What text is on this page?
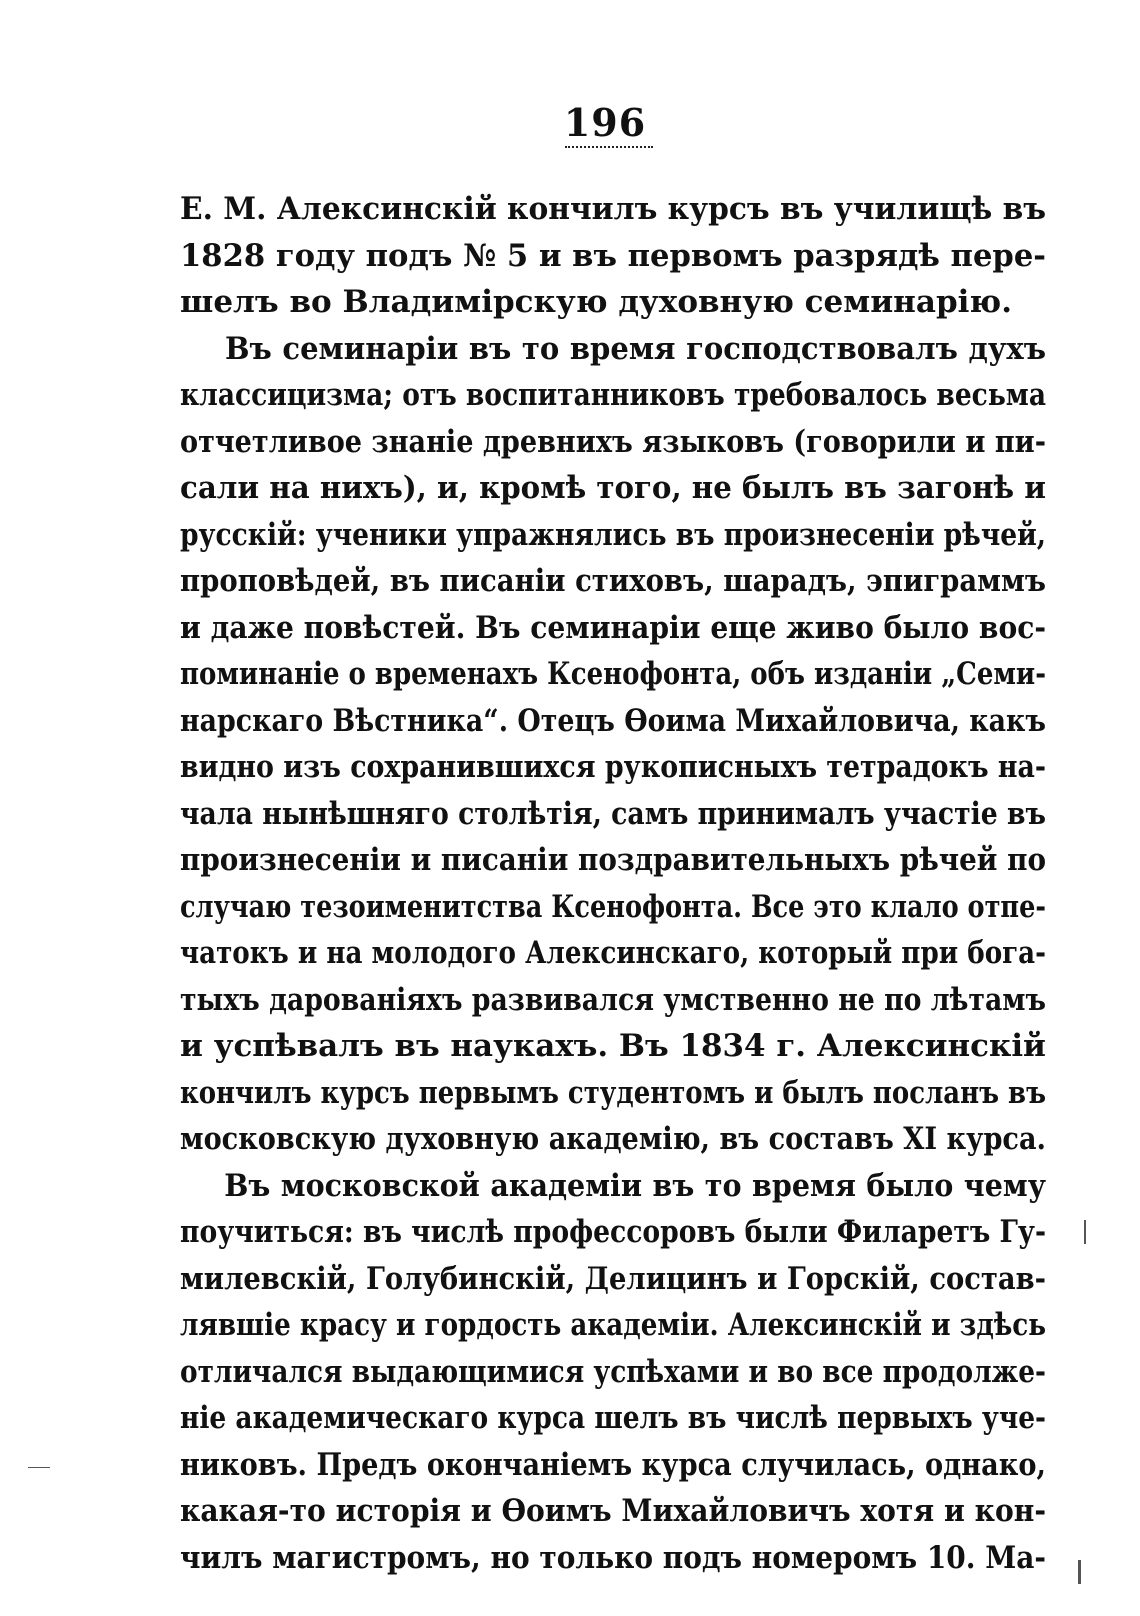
196
Е. М. Алексинскій кончилъ курсъ въ училищѣ въ
1828 году подъ № 5 и въ первомъ разрядѣ пере-
шелъ во Владимірскую духовную семинарію.
Въ семинаріи въ то время господствовалъ духъ
классицизма; отъ воспитанниковъ требовалось весьма
отчетливое знаніе древнихъ языковъ (говорили и пи-
сали на нихъ), и, кромѣ того, не былъ въ загонѣ и
русскій: ученики упражнялись въ произнесеніи рѣчей,
проповѣдей, въ писаніи стиховъ, шарадъ, эпиграммъ
и даже повѣстей. Въ семинаріи еще живо было вос-
поминаніе о временахъ Ксенофонта, объ изданіи „Семи-
нарскаго Вѣстника“. Отецъ Ѳоима Михайловича, какъ
видно изъ сохранившихся рукописныхъ тетрадокъ на-
чала нынѣшняго столѣтія, самъ принималъ участіе въ
произнесеніи и писаніи поздравительныхъ рѣчей по
случаю тезоименитства Ксенофонта. Все это клало отпе-
чатокъ и на молодого Алексинскаго, который при бога-
тыхъ дарованіяхъ развивался умственно не по лѣтамъ
и успѣвалъ въ наукахъ. Въ 1834 г. Алексинскій
кончилъ курсъ первымъ студентомъ и былъ посланъ въ
московскую духовную академію, въ составъ XI курса.
Въ московской академіи въ то время было чему
поучиться: въ числѣ профессоровъ были Филаретъ Гу-
милевскій, Голубинскій, Делицинъ и Горскій, состав-
лявшіе красу и гордость академіи. Алексинскій и здѣсь
отличался выдающимися успѣхами и во все продолже-
ніе академическаго курса шелъ въ числѣ первыхъ уче-
никовъ. Предъ окончаніемъ курса случилась, однако,
какая-то исторія и Ѳоимъ Михайловичъ хотя и кон-
чилъ магистромъ, но только подъ номеромъ 10. Ма-
